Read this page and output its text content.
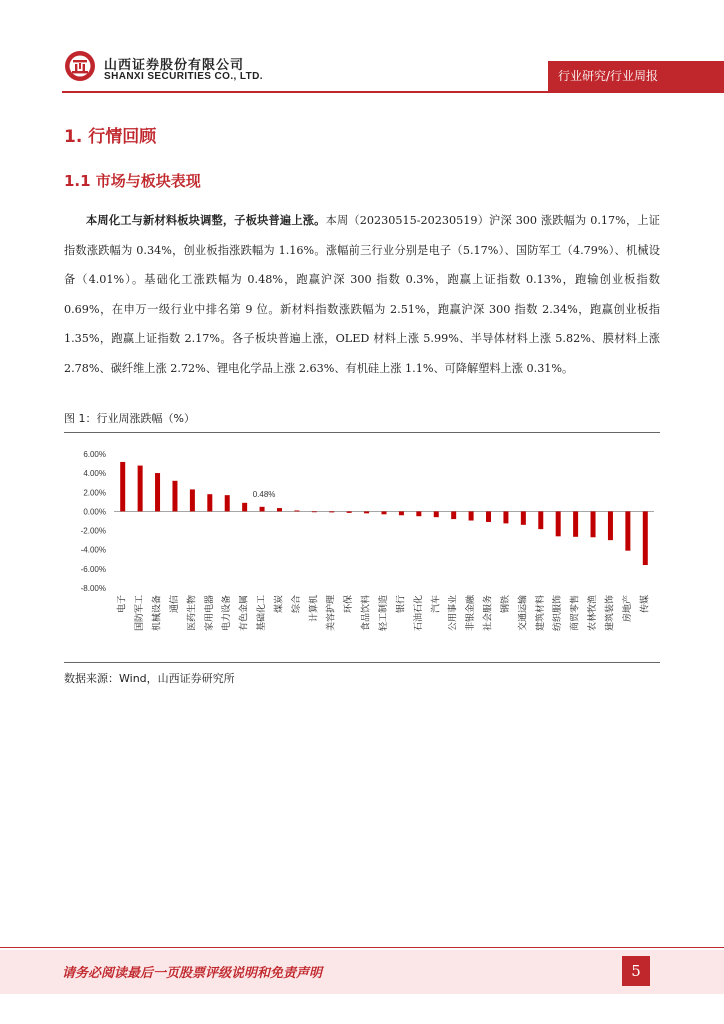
山西证券股份有限公司
SHANXI SECURITIES CO., LTD.	行业研究/行业周报
1. 行情回顾
1.1 市场与板块表现
本周化工与新材料板块调整，子板块普遍上涨。本周（20230515-20230519）沪深 300 涨跌幅为 0.17%，上证指数涨跌幅为 0.34%，创业板指涨跌幅为 1.16%。涨幅前三行业分别是电子（5.17%）、国防军工（4.79%）、机械设备（4.01%）。基础化工涨跌幅为 0.48%，跑赢沪深 300 指数 0.3%，跑赢上证指数 0.13%，跑输创业板指数 0.69%，在申万一级行业中排名第 9 位。新材料指数涨跌幅为 2.51%，跑赢沪深 300 指数 2.34%，跑赢创业板指 1.35%，跑赢上证指数 2.17%。各子板块普遍上涨，OLED 材料上涨 5.99%、半导体材料上涨 5.82%、膜材料上涨 2.78%、碳纤维上涨 2.72%、锂电化学品上涨 2.63%、有机硅上涨 1.1%、可降解塑料上涨 0.31%。
图 1：行业周涨跌幅（%）
6.00%
4.00%
2.00%
0.00%
-2.00%
-4.00%
-6.00%
-8.00%
电子 国防军工 机械设备 通信 医药生物 家用电器 电力设备 有色金属 基础化工 煤炭 综合 计算机 美容护理 环保 食品饮料 轻工制造 银行 石油石化 汽车 公用事业 非银金融 社会服务 钢铁 交通运输 建筑材料 纺织服饰 商贸零售 农林牧渔 建筑装饰 房地产 传媒
0.48%
数据来源：Wind，山西证券研究所
请务必阅读最后一页股票评级说明和免责声明	5
